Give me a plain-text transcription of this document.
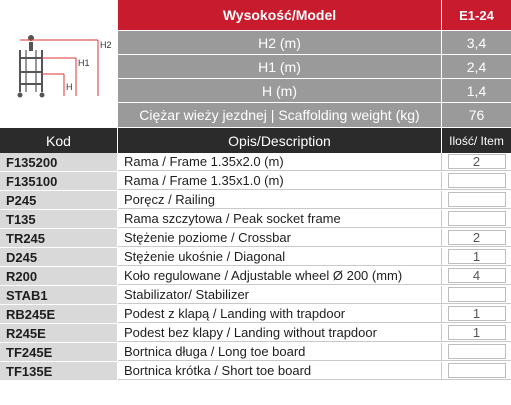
H2
H1
H
Wysokość/Model	E1-24
H2 (m)	3,4
H1 (m)	2,4
H (m)	1,4
Ciężar wieży jezdnej | Scaffolding weight (kg)	76
Kod	Opis/Description	Ilość/ Item
F135200	Rama / Frame 1.35x2.0 (m)	2
F135100	Rama / Frame 1.35x1.0 (m)
P245	Poręcz / Railing
T135	Rama szczytowa / Peak socket frame
TR245	Stężenie poziome / Crossbar	2
D245	Stężenie ukośnie / Diagonal	1
R200	Koło regulowane / Adjustable wheel Ø 200 (mm)	4
STAB1	Stabilizator/ Stabilizer
RB245E	Podest z klapą / Landing with trapdoor	1
R245E	Podest bez klapy / Landing without trapdoor	1
TF245E	Bortnica długa / Long toe board
TF135E	Bortnica krótka / Short toe board
